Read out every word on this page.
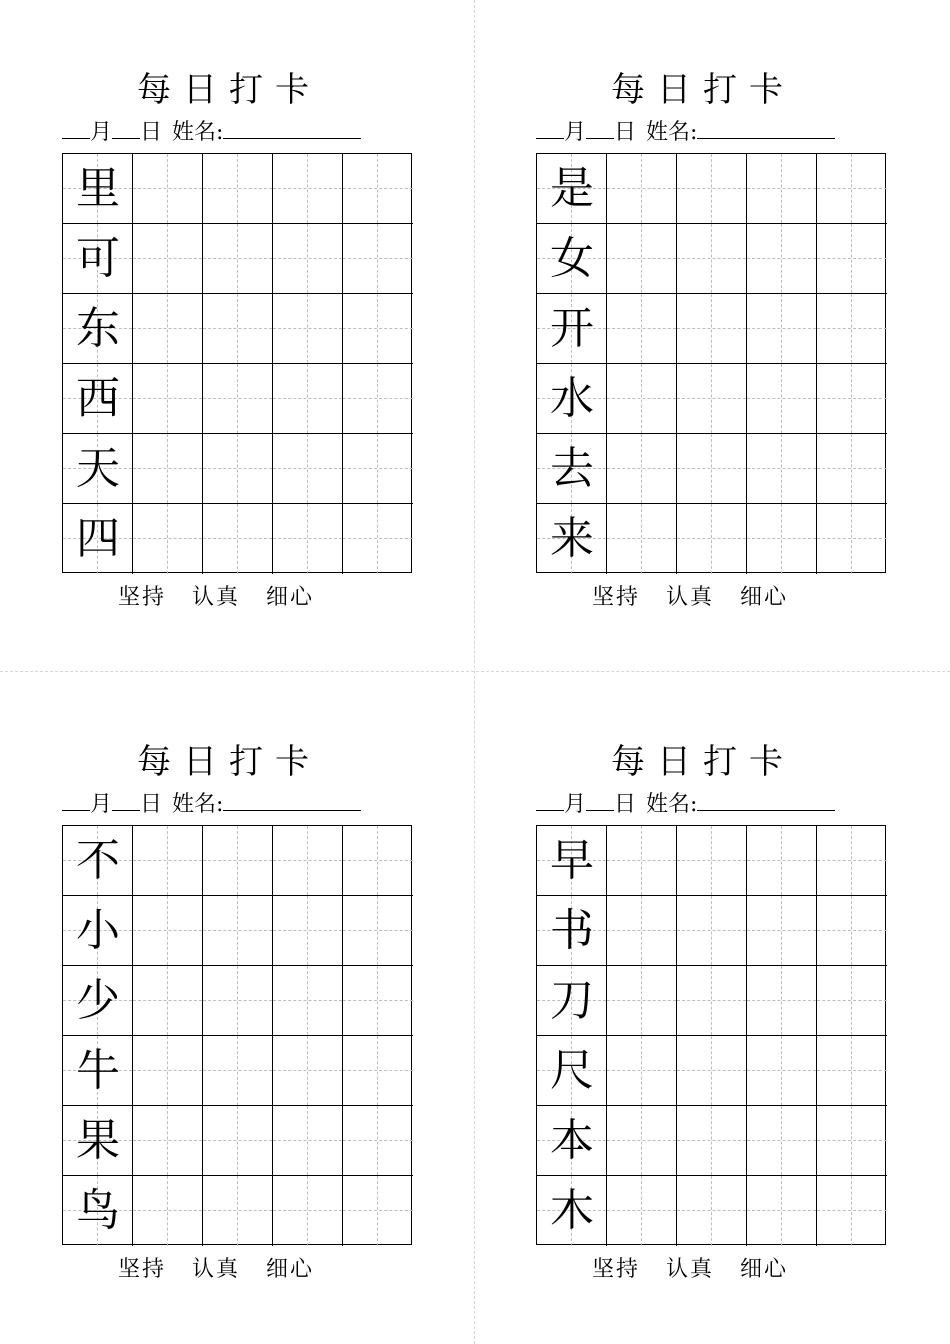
每日打卡
月 日 姓名:
里
可
东
西
天
四
坚持 认真 细心
每日打卡
月 日 姓名:
是
女
开
水
去
来
坚持 认真 细心
每日打卡
月 日 姓名:
不
小
少
牛
果
鸟
坚持 认真 细心
每日打卡
月 日 姓名:
早
书
刀
尺
本
木
坚持 认真 细心
